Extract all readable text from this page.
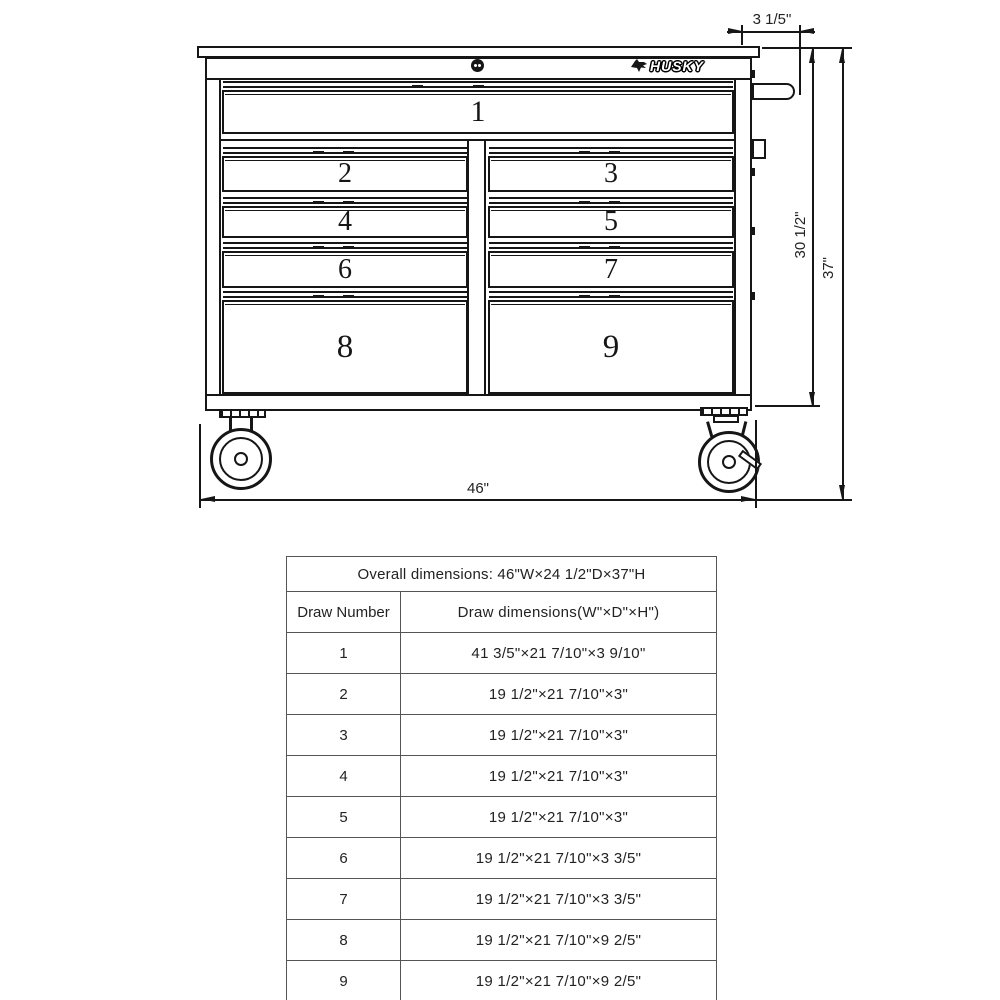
HUSKY
1
2	3
4	5
6	7
8	9
3 1/5"
30 1/2"
37"
46"
Overall dimensions: 46"W×24 1/2"D×37"H
Draw Number	Draw dimensions(W"×D"×H")
1	41 3/5"×21 7/10"×3 9/10"
2	19 1/2"×21 7/10"×3"
3	19 1/2"×21 7/10"×3"
4	19 1/2"×21 7/10"×3"
5	19 1/2"×21 7/10"×3"
6	19 1/2"×21 7/10"×3 3/5"
7	19 1/2"×21 7/10"×3 3/5"
8	19 1/2"×21 7/10"×9 2/5"
9	19 1/2"×21 7/10"×9 2/5"
